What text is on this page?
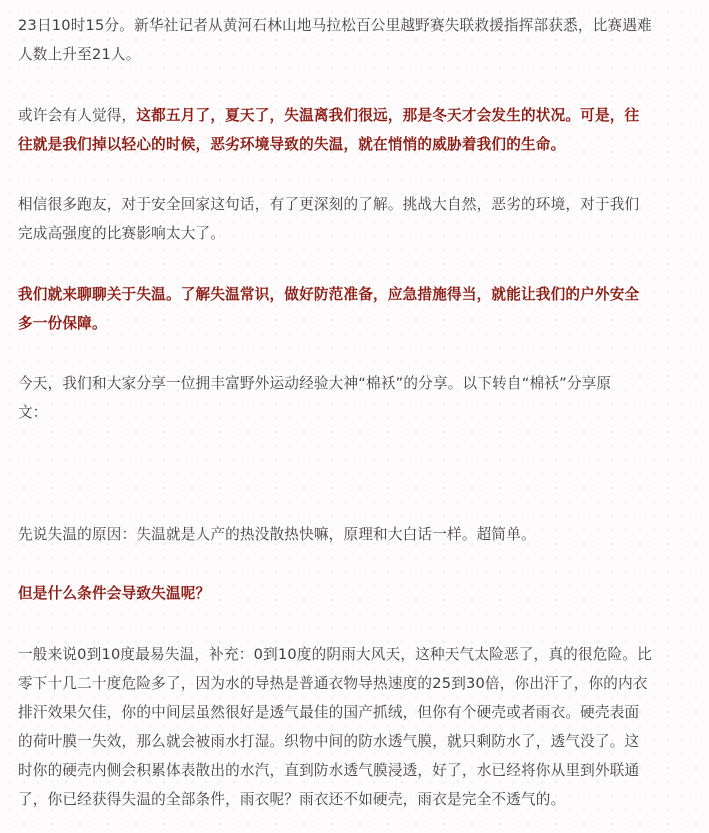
23日10时15分。新华社记者从黄河石林山地马拉松百公里越野赛失联救援指挥部获悉，比赛遇难
人数上升至21人。
或许会有人觉得，这都五月了，夏天了，失温离我们很远，那是冬天才会发生的状况。可是，往
往就是我们掉以轻心的时候，恶劣环境导致的失温，就在悄悄的威胁着我们的生命。
相信很多跑友，对于安全回家这句话，有了更深刻的了解。挑战大自然，恶劣的环境，对于我们
完成高强度的比赛影响太大了。
我们就来聊聊关于失温。了解失温常识，做好防范准备，应急措施得当，就能让我们的户外安全
多一份保障。
今天，我们和大家分享一位拥丰富野外运动经验大神“棉袄”的分享。以下转自“棉袄”分享原
文：
先说失温的原因：失温就是人产的热没散热快嘛，原理和大白话一样。超简单。
但是什么条件会导致失温呢？
一般来说0到10度最易失温，补充：0到10度的阴雨大风天，这种天气太险恶了，真的很危险。比
零下十几二十度危险多了，因为水的导热是普通衣物导热速度的25到30倍，你出汗了，你的内衣
排汗效果欠佳，你的中间层虽然很好是透气最佳的国产抓绒，但你有个硬壳或者雨衣。硬壳表面
的荷叶膜一失效，那么就会被雨水打湿。织物中间的防水透气膜，就只剩防水了，透气没了。这
时你的硬壳内侧会积累体表散出的水汽，直到防水透气膜浸透，好了，水已经将你从里到外联通
了，你已经获得失温的全部条件，雨衣呢？雨衣还不如硬壳，雨衣是完全不透气的。
